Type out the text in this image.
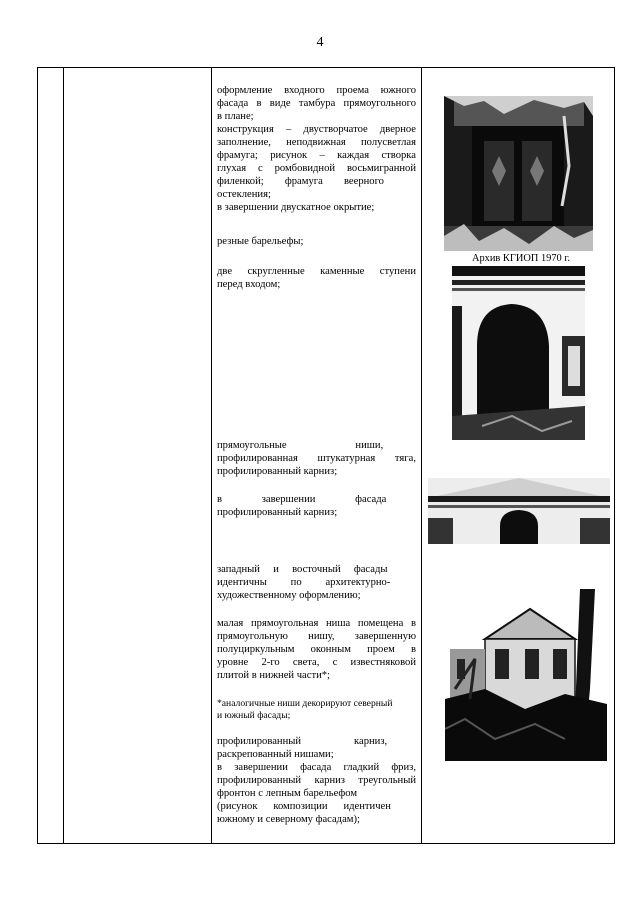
4

оформление входного проема южного

фасада в виде тамбура прямоугольного

в плане;

конструкция – двустворчатое дверное

заполнение, неподвижная полусветлая

фрамуга; рисунок – каждая створка

глухая с ромбовидной восьмигранной

филенкой;        фрамуга        веерного

остекления;

в завершении двускатное окрытие;

резные барельефы;

две скругленные каменные ступени

перед входом;

прямоугольные                          ниши,

профилированная штукатурная тяга,

профилированный карниз;

в               завершении               фасада

профилированный карниз;

западный     и     восточный     фасады

идентичны         по         архитектурно-

художественному оформлению;

малая прямоугольная ниша помещена в

прямоугольную нишу, завершенную

полуциркульным оконным проем в

уровне 2-го света, с известняковой

плитой в нижней части*;

*аналогичные ниши декорируют северный

и южный фасады;

профилированный                    карниз,

раскрепованный нишами;

в завершении фасада гладкий фриз,

профилированный карниз треугольный

фронтон с лепным барельефом

(рисунок      композиции      идентичен

южному и северному фасадам);

Архив КГИОП 1970 г.
